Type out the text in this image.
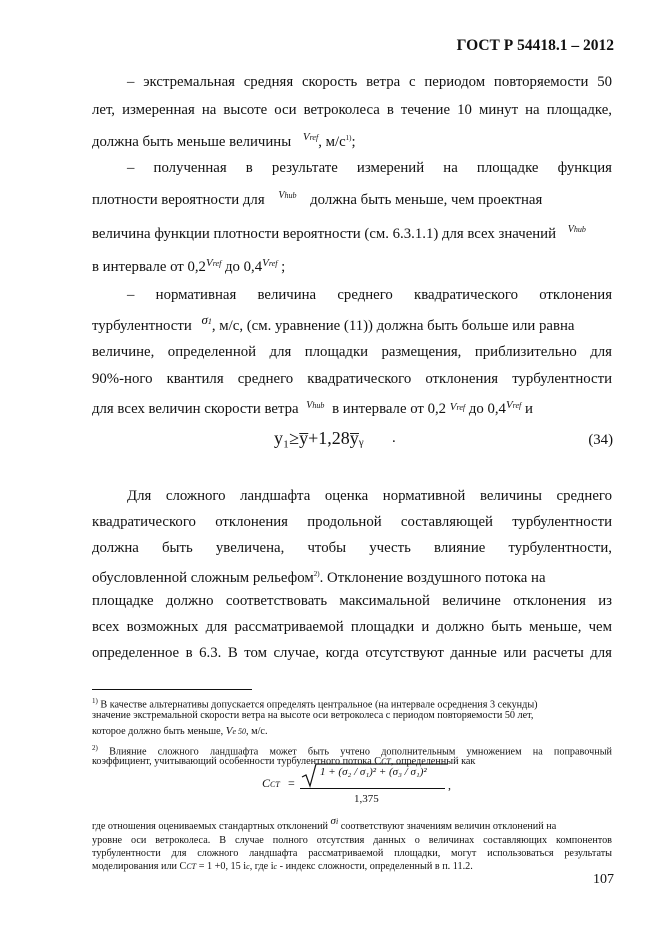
ГОСТ Р 54418.1 – 2012
– экстремальная средняя скорость ветра с периодом повторяемости 50
лет, измеренная на высоте оси ветроколеса в течение 10 минут на площадке,
должна быть меньше величины $^{Vref}$, $м/с^{1)}$;
– полученная в результате измерений на площадке функция
плотности вероятности для $^{Vhub}$ должна быть меньше, чем проектная
величина функции плотности вероятности (см. 6.3.1.1) для всех значений $^{Vhub}$
в интервале от $0,2^{Vref}$ до $0,4^{Vref}$ ;
– нормативная величина среднего квадратического отклонения
турбулентности σ1, м/с, (см. уравнение (11)) должна быть больше или равна
величине, определенной для площадки размещения, приблизительно для
90%-ного квантиля среднего квадратического отклонения турбулентности
для всех величин скорости ветра $^{Vhub}$ в интервале от 0,2 $^{Vref}$ до $0,4^{Vref}$ и
y₁≥y̅+1,28y̅ᵧ .	(34)
Для сложного ландшафта оценка нормативной величины среднего
квадратического отклонения продольной составляющей турбулентности
должна быть увеличена, чтобы учесть влияние турбулентности,
обусловленной сложным рельефом$^{2)}$. Отклонение воздушного потока на
площадке должно соответствовать максимальной величине отклонения из
всех возможных для рассматриваемой площадки и должно быть меньше, чем
определенное в 6.3. В том случае, когда отсутствуют данные или расчеты для
$^{1)}$ В качестве альтернативы допускается определять центральное (на интервале осреднения 3 секунды)
значение экстремальной скорости ветра на высоте оси ветроколеса с периодом повторяемости 50 лет,
которое должно быть меньше, Ve 50, м/с.
$^{2)}$ Влияние сложного ландшафта может быть учтено дополнительным умножением на поправочный
коэффициент, учитывающий особенности турбулентного потока CCT, определенный как
CCT =
1 + (σ₂ / σ₁)² + (σ₃ / σ₁)²
1,375
,
где отношения оцениваемых стандартных отклонений σi соответствуют значениям величин отклонений на
уровне оси ветроколеса. В случае полного отсутствия данных о величинах составляющих компонентов
турбулентности для сложного ландшафта рассматриваемой площадки, могут использоваться результаты
моделирования или CCT = 1 +0, 15 ic, где ic - индекс сложности, определенный в п. 11.2.
107
